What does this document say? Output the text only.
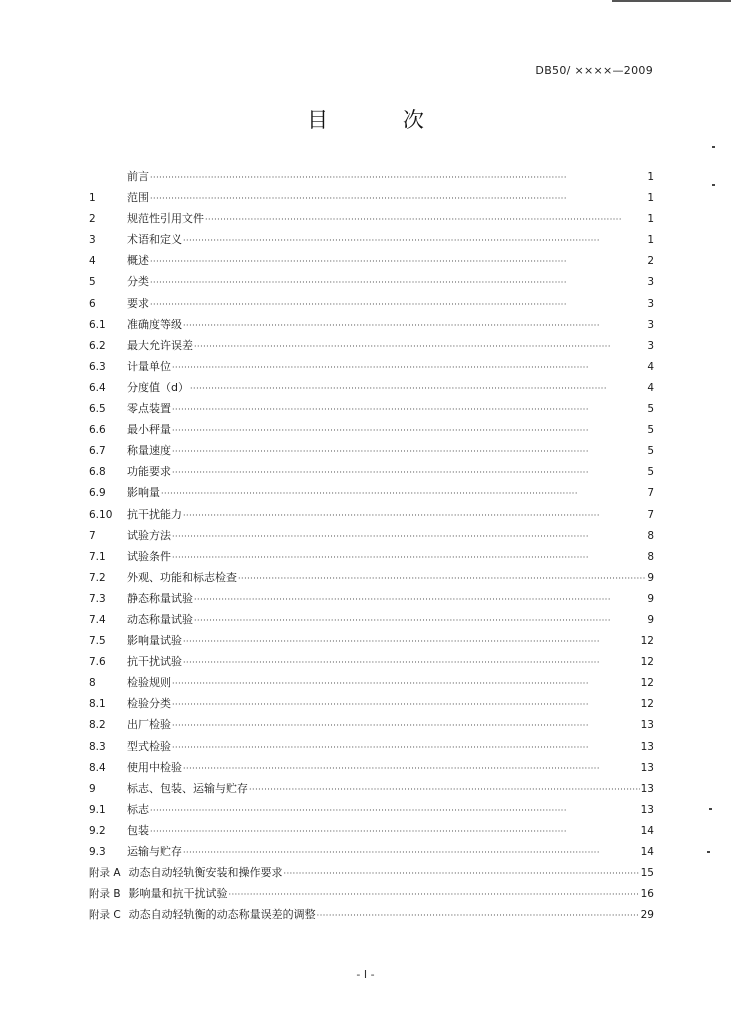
DB50/ ××××—2009
目 次
前言 ·····	1
1	范围 ·····	1
2	规范性引用文件 ·····	1
3	术语和定义 ·····	1
4	概述 ·····	2
5	分类 ·····	3
6	要求 ·····	3
6.1	准确度等级 ·····	3
6.2	最大允许误差 ·····	3
6.3	计量单位 ·····	4
6.4	分度值（d） ·····	4
6.5	零点装置 ·····	5
6.6	最小秤量 ·····	5
6.7	称量速度 ·····	5
6.8	功能要求 ·····	5
6.9	影响量 ·····	7
6.10	抗干扰能力 ·····	7
7	试验方法 ·····	8
7.1	试验条件 ·····	8
7.2	外观、功能和标志检查 ·····	9
7.3	静态称量试验 ·····	9
7.4	动态称量试验 ·····	9
7.5	影响量试验 ·····	12
7.6	抗干扰试验 ·····	12
8	检验规则 ·····	12
8.1	检验分类 ·····	12
8.2	出厂检验 ·····	13
8.3	型式检验 ·····	13
8.4	使用中检验 ·····	13
9	标志、包装、运输与贮存 ·····	13
9.1	标志 ·····	13
9.2	包装 ·····	14
9.3	运输与贮存 ·····	14
附录 A 动态自动轻轨衡安装和操作要求 ·····	15
附录 B 影响量和抗干扰试验 ·····	16
附录 C 动态自动轻轨衡的动态称量误差的调整 ·····	29
- I -
